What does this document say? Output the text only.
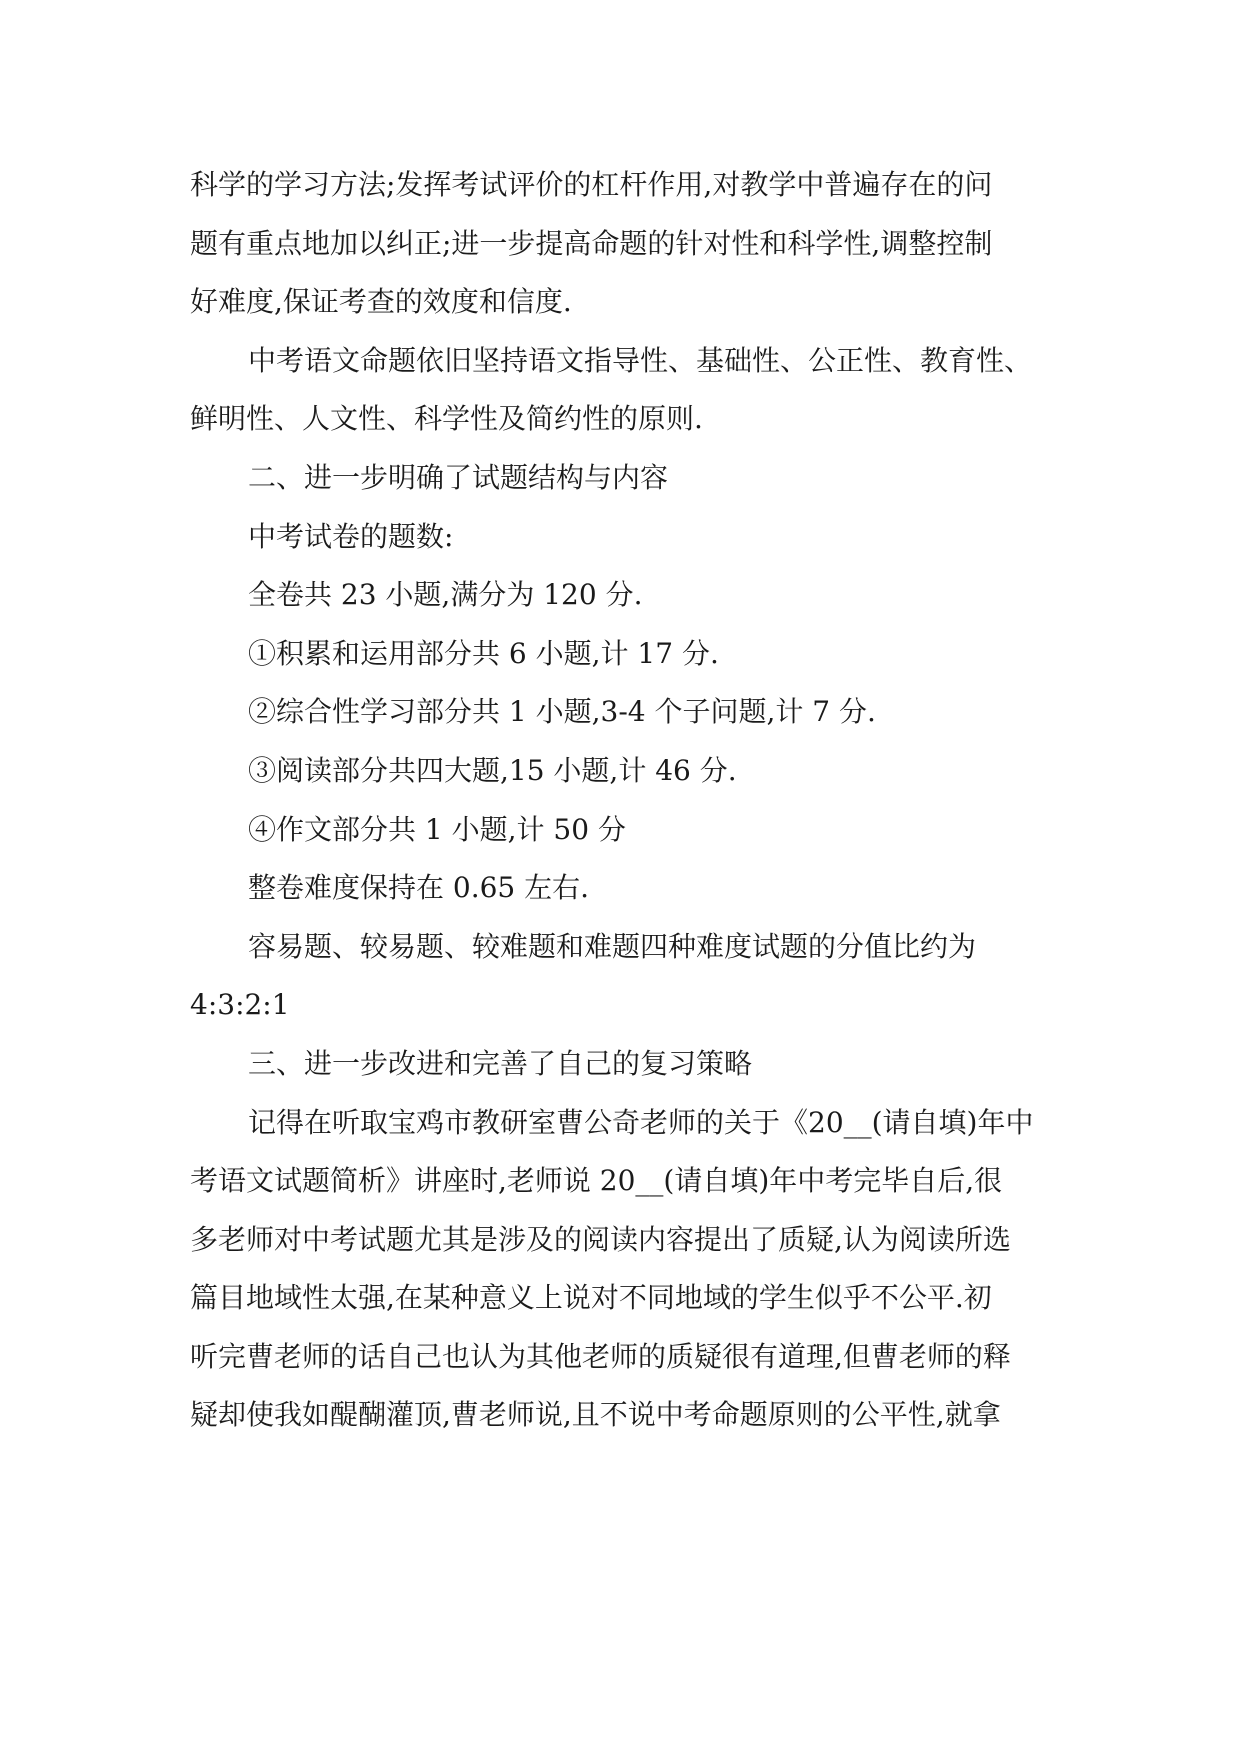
科学的学习方法;发挥考试评价的杠杆作用,对教学中普遍存在的问
题有重点地加以纠正;进一步提高命题的针对性和科学性,调整控制
好难度,保证考查的效度和信度.
中考语文命题依旧坚持语文指导性、基础性、公正性、教育性、
鲜明性、人文性、科学性及简约性的原则.
二、进一步明确了试题结构与内容
中考试卷的题数:
全卷共 23 小题,满分为 120 分.
①积累和运用部分共 6 小题,计 17 分.
②综合性学习部分共 1 小题,3-4 个子问题,计 7 分.
③阅读部分共四大题,15 小题,计 46 分.
④作文部分共 1 小题,计 50 分
整卷难度保持在 0.65 左右.
容易题、较易题、较难题和难题四种难度试题的分值比约为
4:3:2:1
三、进一步改进和完善了自己的复习策略
记得在听取宝鸡市教研室曹公奇老师的关于《20__(请自填)年中
考语文试题简析》讲座时,老师说 20__(请自填)年中考完毕自后,很
多老师对中考试题尤其是涉及的阅读内容提出了质疑,认为阅读所选
篇目地域性太强,在某种意义上说对不同地域的学生似乎不公平.初
听完曹老师的话自己也认为其他老师的质疑很有道理,但曹老师的释
疑却使我如醍醐灌顶,曹老师说,且不说中考命题原则的公平性,就拿
